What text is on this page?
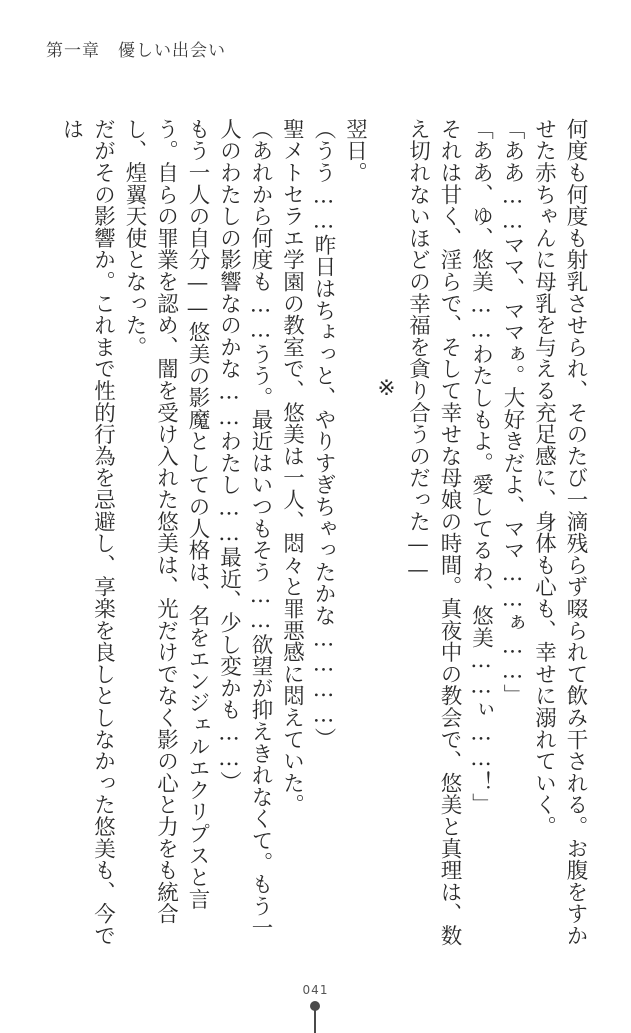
第一章　優しい出会い

何度も何度も射乳させられ、そのたび一滴残らず啜られて飲み干される。お腹をすかせた赤ちゃんに母乳を与える充足感に、身体も心も、幸せに溺れていく。

「ああ……ママ、ママぁ。大好きだよ、ママ……ぁ……」

「ああ、ゆ、悠美……わたしもよ。愛してるわ、悠美……ぃ……！」

それは甘く、淫らで、そして幸せな母娘の時間。真夜中の教会で、悠美と真理は、数え切れないほどの幸福を貪り合うのだった——

※

翌日。

（うう……昨日はちょっと、やりすぎちゃったかな…………）

聖メトセラエ学園の教室で、悠美は一人、悶々と罪悪感に悶えていた。

（あれから何度も……うう。最近はいつもそう……欲望が抑えきれなくて。もう一人のわたしの影響なのかな……わたし……最近、少し変かも……）

もう一人の自分——悠美の影魔としての人格は、名をエンジェルエクリプスと言う。自らの罪業を認め、闇を受け入れた悠美は、光だけでなく影の心と力をも統合し、煌翼天使となった。

だがその影響か。これまで性的行為を忌避し、享楽を良しとしなかった悠美も、今では

041
